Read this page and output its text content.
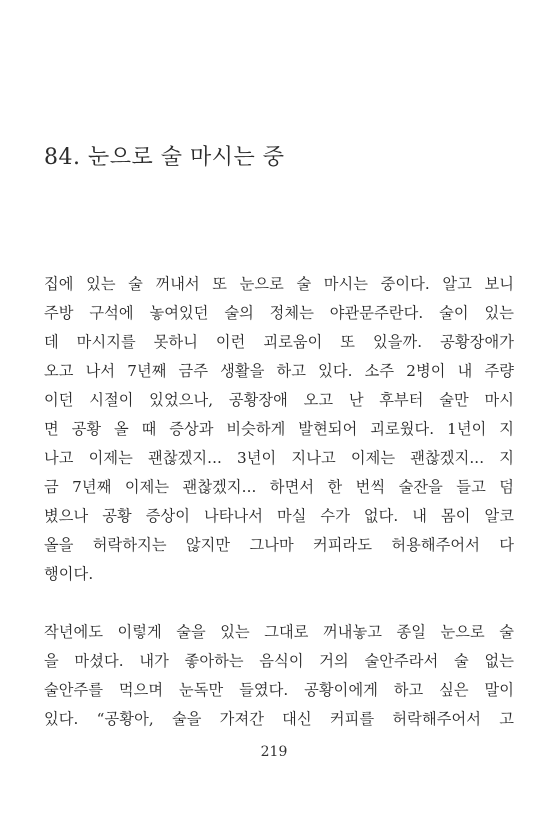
84. 눈으로 술 마시는 중
집에 있는 술 꺼내서 또 눈으로 술 마시는 중이다. 알고 보니
주방 구석에 놓여있던 술의 정체는 야관문주란다. 술이 있는
데 마시지를 못하니 이런 괴로움이 또 있을까. 공황장애가
오고 나서 7년째 금주 생활을 하고 있다. 소주 2병이 내 주량
이던 시절이 있었으나, 공황장애 오고 난 후부터 술만 마시
면 공황 올 때 증상과 비슷하게 발현되어 괴로웠다. 1년이 지
나고 이제는 괜찮겠지... 3년이 지나고 이제는 괜찮겠지... 지
금 7년째 이제는 괜찮겠지... 하면서 한 번씩 술잔을 들고 덤
볐으나 공황 증상이 나타나서 마실 수가 없다. 내 몸이 알코
올을 허락하지는 않지만 그나마 커피라도 허용해주어서 다
행이다.
작년에도 이렇게 술을 있는 그대로 꺼내놓고 종일 눈으로 술
을 마셨다. 내가 좋아하는 음식이 거의 술안주라서 술 없는
술안주를 먹으며 눈독만 들였다. 공황이에게 하고 싶은 말이
있다. “공황아, 술을 가져간 대신 커피를 허락해주어서 고
219
